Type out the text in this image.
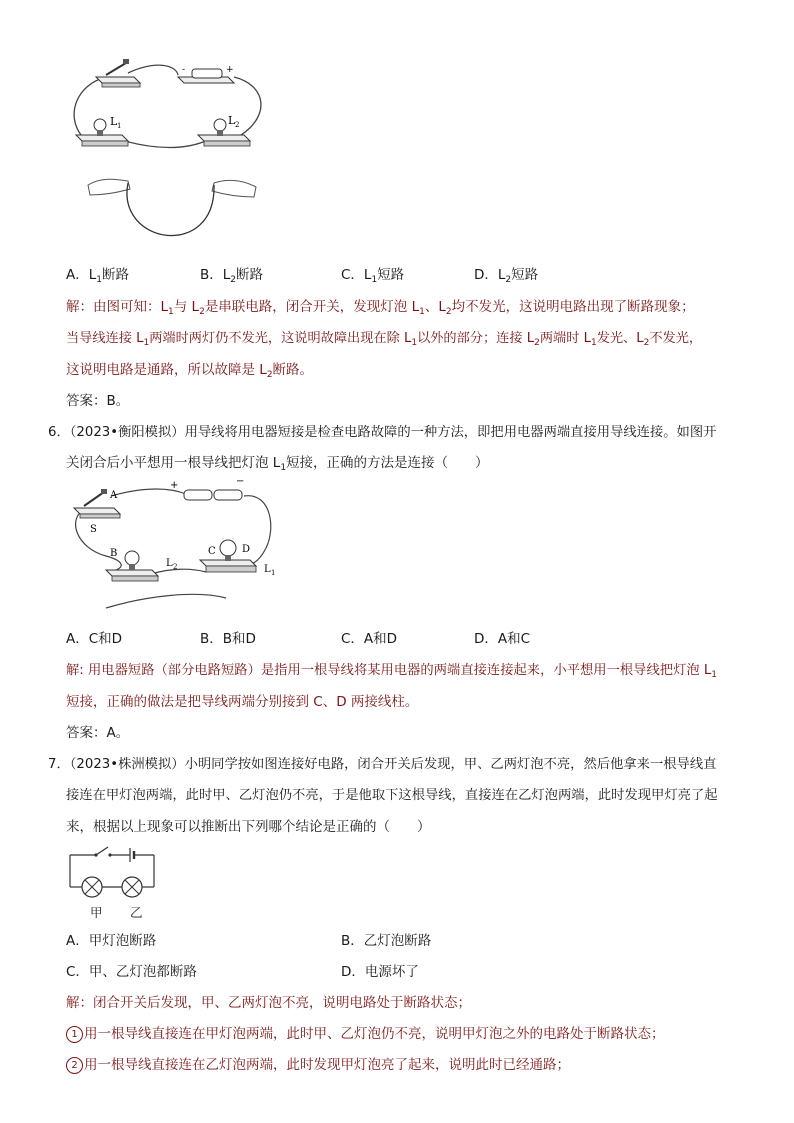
-	+
L 1	L 2
A．$L_1$断路	B．$L_2$断路	C．$L_1$短路	D．$L_2$短路
解：由图可知：$L_1$与 $L_2$是串联电路，闭合开关，发现灯泡 $L_1$、$L_2$均不发光，这说明电路出现了断路现象；
当导线连接 $L_1$两端时两灯仍不发光，这说明故障出现在除 $L_1$以外的部分；连接 $L_2$两端时 $L_1$发光、$L_2$不发光，
这说明电路是通路，所以故障是 $L_2$断路。
答案：B。
6．（2023•衡阳模拟）用导线将用电器短接是检查电路故障的一种方法，即把用电器两端直接用导线连接。如图开
关闭合后小平想用一根导线把灯泡 $L_1$短接，正确的方法是连接（　　）
A
S
+	−
B
L 2
C	D
L 1
A．C和D	B．B和D	C．A和D	D．A和C
解: 用电器短路（部分电路短路）是指用一根导线将某用电器的两端直接连接起来，小平想用一根导线把灯泡 $L_1$
短接，正确的做法是把导线两端分别接到 C、D 两接线柱。
答案：A。
7．（2023•株洲模拟）小明同学按如图连接好电路，闭合开关后发现，甲、乙两灯泡不亮，然后他拿来一根导线直
接连在甲灯泡两端，此时甲、乙灯泡仍不亮，于是他取下这根导线，直接连在乙灯泡两端，此时发现甲灯亮了起
来，根据以上现象可以推断出下列哪个结论是正确的（　　）
甲 乙
A．甲灯泡断路	B．乙灯泡断路
C．甲、乙灯泡都断路	D．电源坏了
解：闭合开关后发现，甲、乙两灯泡不亮，说明电路处于断路状态；
1 用一根导线直接连在甲灯泡两端，此时甲、乙灯泡仍不亮，说明甲灯泡之外的电路处于断路状态；
2 用一根导线直接连在乙灯泡两端，此时发现甲灯泡亮了起来，说明此时已经通路；
